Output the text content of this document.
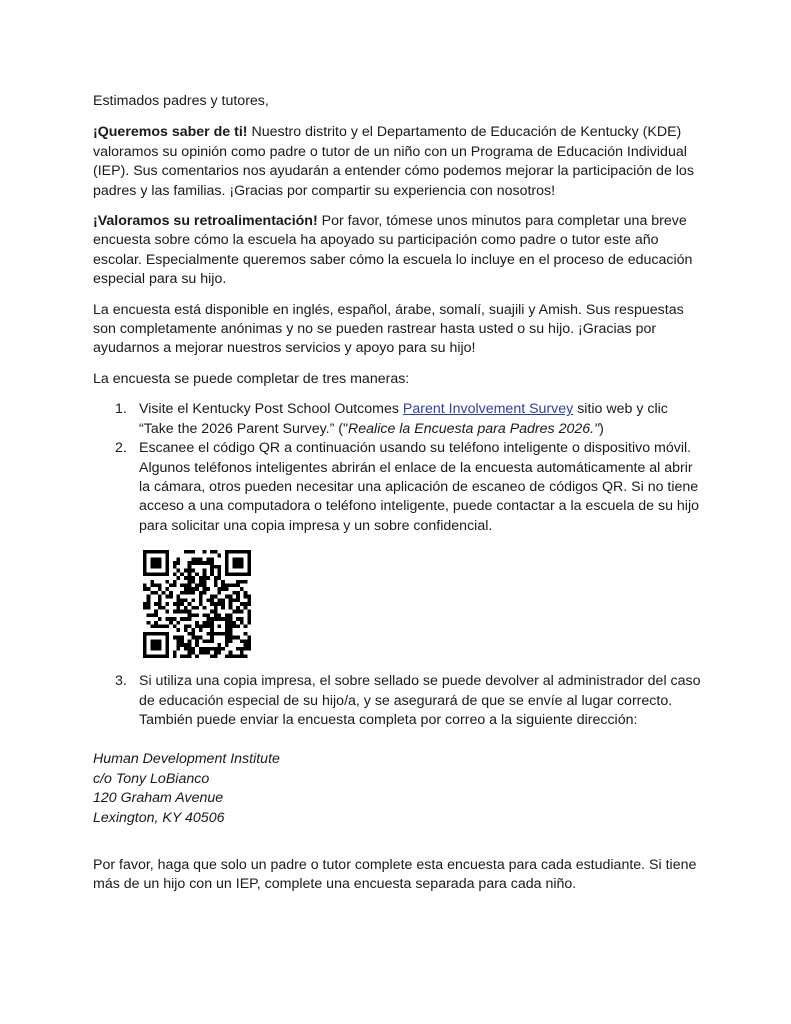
Estimados padres y tutores,

¡Queremos saber de ti! Nuestro distrito y el Departamento de Educación de Kentucky (KDE) valoramos su opinión como padre o tutor de un niño con un Programa de Educación Individual (IEP). Sus comentarios nos ayudarán a entender cómo podemos mejorar la participación de los padres y las familias. ¡Gracias por compartir su experiencia con nosotros!

¡Valoramos su retroalimentación! Por favor, tómese unos minutos para completar una breve encuesta sobre cómo la escuela ha apoyado su participación como padre o tutor este año escolar. Especialmente queremos saber cómo la escuela lo incluye en el proceso de educación especial para su hijo.

La encuesta está disponible en inglés, español, árabe, somalí, suajili y Amish. Sus respuestas son completamente anónimas y no se pueden rastrear hasta usted o su hijo. ¡Gracias por ayudarnos a mejorar nuestros servicios y apoyo para su hijo!

La encuesta se puede completar de tres maneras:

1. Visite el Kentucky Post School Outcomes Parent Involvement Survey sitio web y clic “Take the 2026 Parent Survey.” ("Realice la Encuesta para Padres 2026.")
2. Escanee el código QR a continuación usando su teléfono inteligente o dispositivo móvil. Algunos teléfonos inteligentes abrirán el enlace de la encuesta automáticamente al abrir la cámara, otros pueden necesitar una aplicación de escaneo de códigos QR. Si no tiene acceso a una computadora o teléfono inteligente, puede contactar a la escuela de su hijo para solicitar una copia impresa y un sobre confidencial.
3. Si utiliza una copia impresa, el sobre sellado se puede devolver al administrador del caso de educación especial de su hijo/a, y se asegurará de que se envíe al lugar correcto. También puede enviar la encuesta completa por correo a la siguiente dirección:
Human Development Institute
c/o Tony LoBianco
120 Graham Avenue
Lexington, KY 40506

Por favor, haga que solo un padre o tutor complete esta encuesta para cada estudiante. Si tiene más de un hijo con un IEP, complete una encuesta separada para cada niño.
